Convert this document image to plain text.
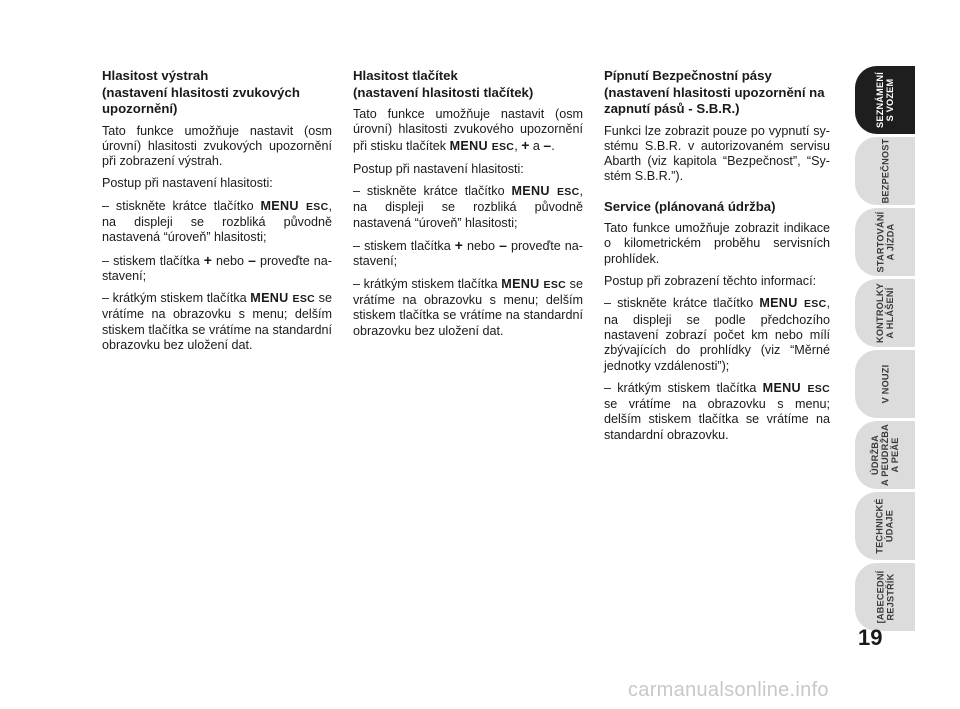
Hlasitost výstrah
(nastavení hlasitosti zvukových upozornění)

Tato funkce umožňuje nastavit (osm úrovní) hlasitosti zvukových upozornění při zobrazení výstrah.

Postup při nastavení hlasitosti:

– stiskněte krátce tlačítko MENU ESC, na displeji se rozbliká původně nastavená “úroveň” hlasitosti;

– stiskem tlačítka + nebo – proveďte nastavení;

– krátkým stiskem tlačítka MENU ESC se vrátíme na obrazovku s menu; delším stiskem tlačítka se vrátíme na standardní obrazovku bez uložení dat.

Hlasitost tlačítek
(nastavení hlasitosti tlačítek)

Tato funkce umožňuje nastavit (osm úrovní) hlasitosti zvukového upozornění při stisku tlačítek MENU ESC, + a –.

Postup při nastavení hlasitosti:

– stiskněte krátce tlačítko MENU ESC, na displeji se rozbliká původně nastavená “úroveň” hlasitosti;

– stiskem tlačítka + nebo – proveďte nastavení;

– krátkým stiskem tlačítka MENU ESC se vrátíme na obrazovku s menu; delším stiskem tlačítka se vrátíme na standardní obrazovku bez uložení dat.

Pípnutí Bezpečnostní pásy
(nastavení hlasitosti upozornění na zapnutí pásů - S.B.R.)

Funkci lze zobrazit pouze po vypnutí systému S.B.R. v autorizovaném servisu Abarth (viz kapitola “Bezpečnost”, “Systém S.B.R.”).

Service (plánovaná údržba)

Tato funkce umožňuje zobrazit indikace o kilometrickém proběhu servisních prohlídek.

Postup při zobrazení těchto informací:

– stiskněte krátce tlačítko MENU ESC, na displeji se podle předchozího nastavení zobrazí počet km nebo mílí zbývajících do prohlídky (viz “Měrné jednotky vzdálenosti”);

– krátkým stiskem tlačítka MENU ESC se vrátíme na obrazovku s menu; delším stiskem tlačítka se vrátíme na standardní obrazovku.

SEZNÁMENÍ
S VOZEM
BEZPEČNOST
STARTOVÁNÍ
A JÍZDA
KONTROLKY
A HLÁŠENÍ
V NOUZI
ÚDRŽBA
A PEUDRŽBA
A PEÄE
TECHNICKÉ
ÚDAJE
[ABECEDNÍ
REJSTŘÍK
19
carmanualsonline.info
